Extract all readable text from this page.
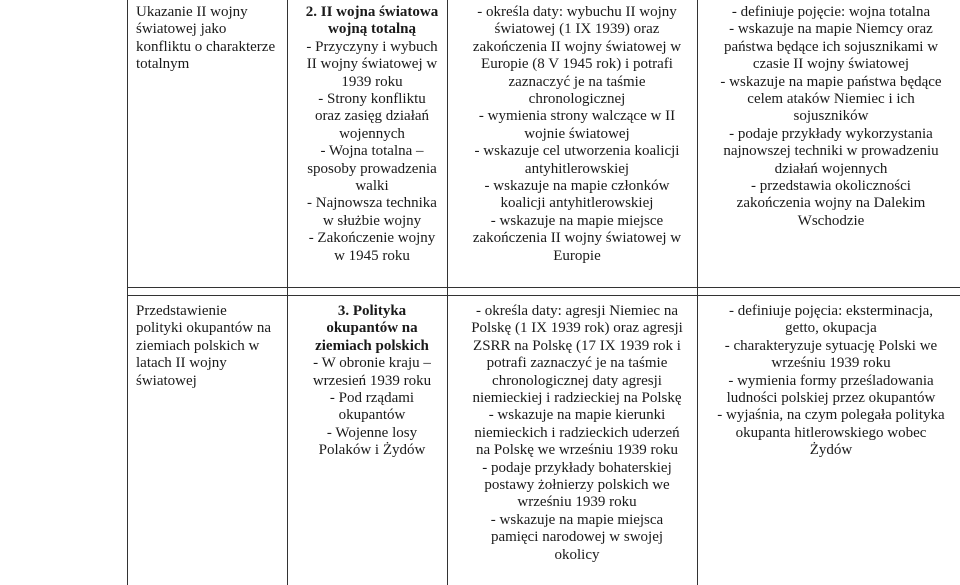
Ukazanie II wojny
światowej jako
konfliktu o charakterze
totalnym
2. II wojna światowa
wojną totalną
- Przyczyny i wybuch
II wojny światowej w
1939 roku
- Strony konfliktu
oraz zasięg działań
wojennych
- Wojna totalna –
sposoby prowadzenia
walki
- Najnowsza technika
w służbie wojny
- Zakończenie wojny
w 1945 roku
- określa daty: wybuchu II wojny
światowej (1 IX 1939) oraz
zakończenia II wojny światowej w
Europie (8 V 1945 rok) i potrafi
zaznaczyć je na taśmie
chronologicznej
- wymienia strony walczące w II
wojnie światowej
- wskazuje cel utworzenia koalicji
antyhitlerowskiej
- wskazuje na mapie członków
koalicji antyhitlerowskiej
- wskazuje na mapie miejsce
zakończenia II wojny światowej w
Europie
- definiuje pojęcie: wojna totalna
- wskazuje na mapie Niemcy oraz
państwa będące ich sojusznikami w
czasie II wojny światowej
- wskazuje na mapie państwa będące
celem ataków Niemiec i ich
sojuszników
- podaje przykłady wykorzystania
najnowszej techniki w prowadzeniu
działań wojennych
- przedstawia okoliczności
zakończenia wojny na Dalekim
Wschodzie
Przedstawienie
polityki okupantów na
ziemiach polskich w
latach II wojny
światowej
3. Polityka
okupantów na
ziemiach polskich
- W obronie kraju –
wrzesień 1939 roku
- Pod rządami
okupantów
- Wojenne losy
Polaków i Żydów
- określa daty: agresji Niemiec na
Polskę (1 IX 1939 rok) oraz agresji
ZSRR na Polskę (17 IX 1939 rok i
potrafi zaznaczyć je na taśmie
chronologicznej daty agresji
niemieckiej i radzieckiej na Polskę
- wskazuje na mapie kierunki
niemieckich i radzieckich uderzeń
na Polskę we wrześniu 1939 roku
- podaje przykłady bohaterskiej
postawy żołnierzy polskich we
wrześniu 1939 roku
- wskazuje na mapie miejsca
pamięci narodowej w swojej
okolicy
- definiuje pojęcia: eksterminacja,
getto, okupacja
- charakteryzuje sytuację Polski we
wrześniu 1939 roku
- wymienia formy prześladowania
ludności polskiej przez okupantów
- wyjaśnia, na czym polegała polityka
okupanta hitlerowskiego wobec
Żydów
